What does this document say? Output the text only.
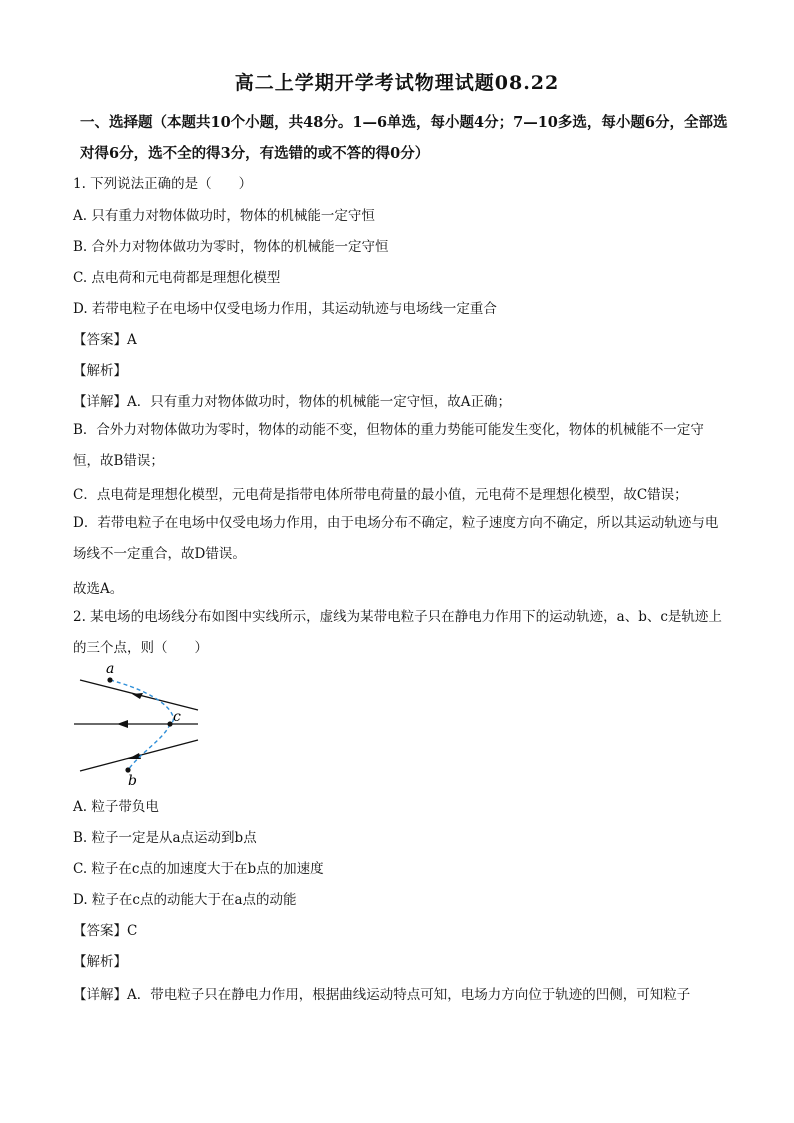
高二上学期开学考试物理试题08.22
一、选择题（本题共10个小题，共48分。1—6单选，每小题4分；7—10多选，每小题6分，全部选对得6分，选不全的得3分，有选错的或不答的得0分）
1. 下列说法正确的是（　　）
A. 只有重力对物体做功时，物体的机械能一定守恒
B. 合外力对物体做功为零时，物体的机械能一定守恒
C. 点电荷和元电荷都是理想化模型
D. 若带电粒子在电场中仅受电场力作用，其运动轨迹与电场线一定重合
【答案】A
【解析】
【详解】A．只有重力对物体做功时，物体的机械能一定守恒，故A正确；
B．合外力对物体做功为零时，物体的动能不变，但物体的重力势能可能发生变化，物体的机械能不一定守恒，故B错误；
C．点电荷是理想化模型，元电荷是指带电体所带电荷量的最小值，元电荷不是理想化模型，故C错误；
D．若带电粒子在电场中仅受电场力作用，由于电场分布不确定，粒子速度方向不确定，所以其运动轨迹与电场线不一定重合，故D错误。
故选A。
2. 某电场的电场线分布如图中实线所示，虚线为某带电粒子只在静电力作用下的运动轨迹，a、b、c是轨迹上的三个点，则（　　）
a
c
b
A. 粒子带负电
B. 粒子一定是从a点运动到b点
C. 粒子在c点的加速度大于在b点的加速度
D. 粒子在c点的动能大于在a点的动能
【答案】C
【解析】
【详解】A．带电粒子只在静电力作用，根据曲线运动特点可知，电场力方向位于轨迹的凹侧，可知粒子
